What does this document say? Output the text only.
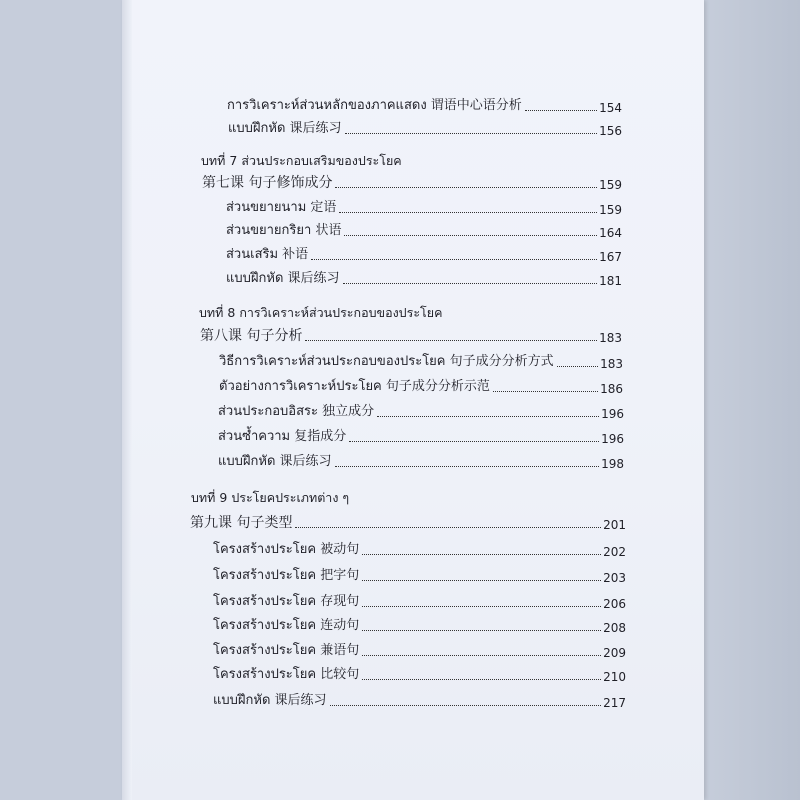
การวิเคราะห์ส่วนหลักของภาคแสดง 谓语中心语分析	154
แบบฝึกหัด 课后练习	156
บทที่ 7 ส่วนประกอบเสริมของประโยค
第七课 句子修饰成分	159
ส่วนขยายนาม 定语	159
ส่วนขยายกริยา 状语	164
ส่วนเสริม 补语	167
แบบฝึกหัด 课后练习	181
บทที่ 8 การวิเคราะห์ส่วนประกอบของประโยค
第八课 句子分析	183
วิธีการวิเคราะห์ส่วนประกอบของประโยค 句子成分分析方式	183
ตัวอย่างการวิเคราะห์ประโยค 句子成分分析示范	186
ส่วนประกอบอิสระ 独立成分	196
ส่วนซ้ำความ 复指成分	196
แบบฝึกหัด 课后练习	198
บทที่ 9 ประโยคประเภทต่าง ๆ
第九课 句子类型	201
โครงสร้างประโยค 被动句	202
โครงสร้างประโยค 把字句	203
โครงสร้างประโยค 存现句	206
โครงสร้างประโยค 连动句	208
โครงสร้างประโยค 兼语句	209
โครงสร้างประโยค 比较句	210
แบบฝึกหัด 课后练习	217
